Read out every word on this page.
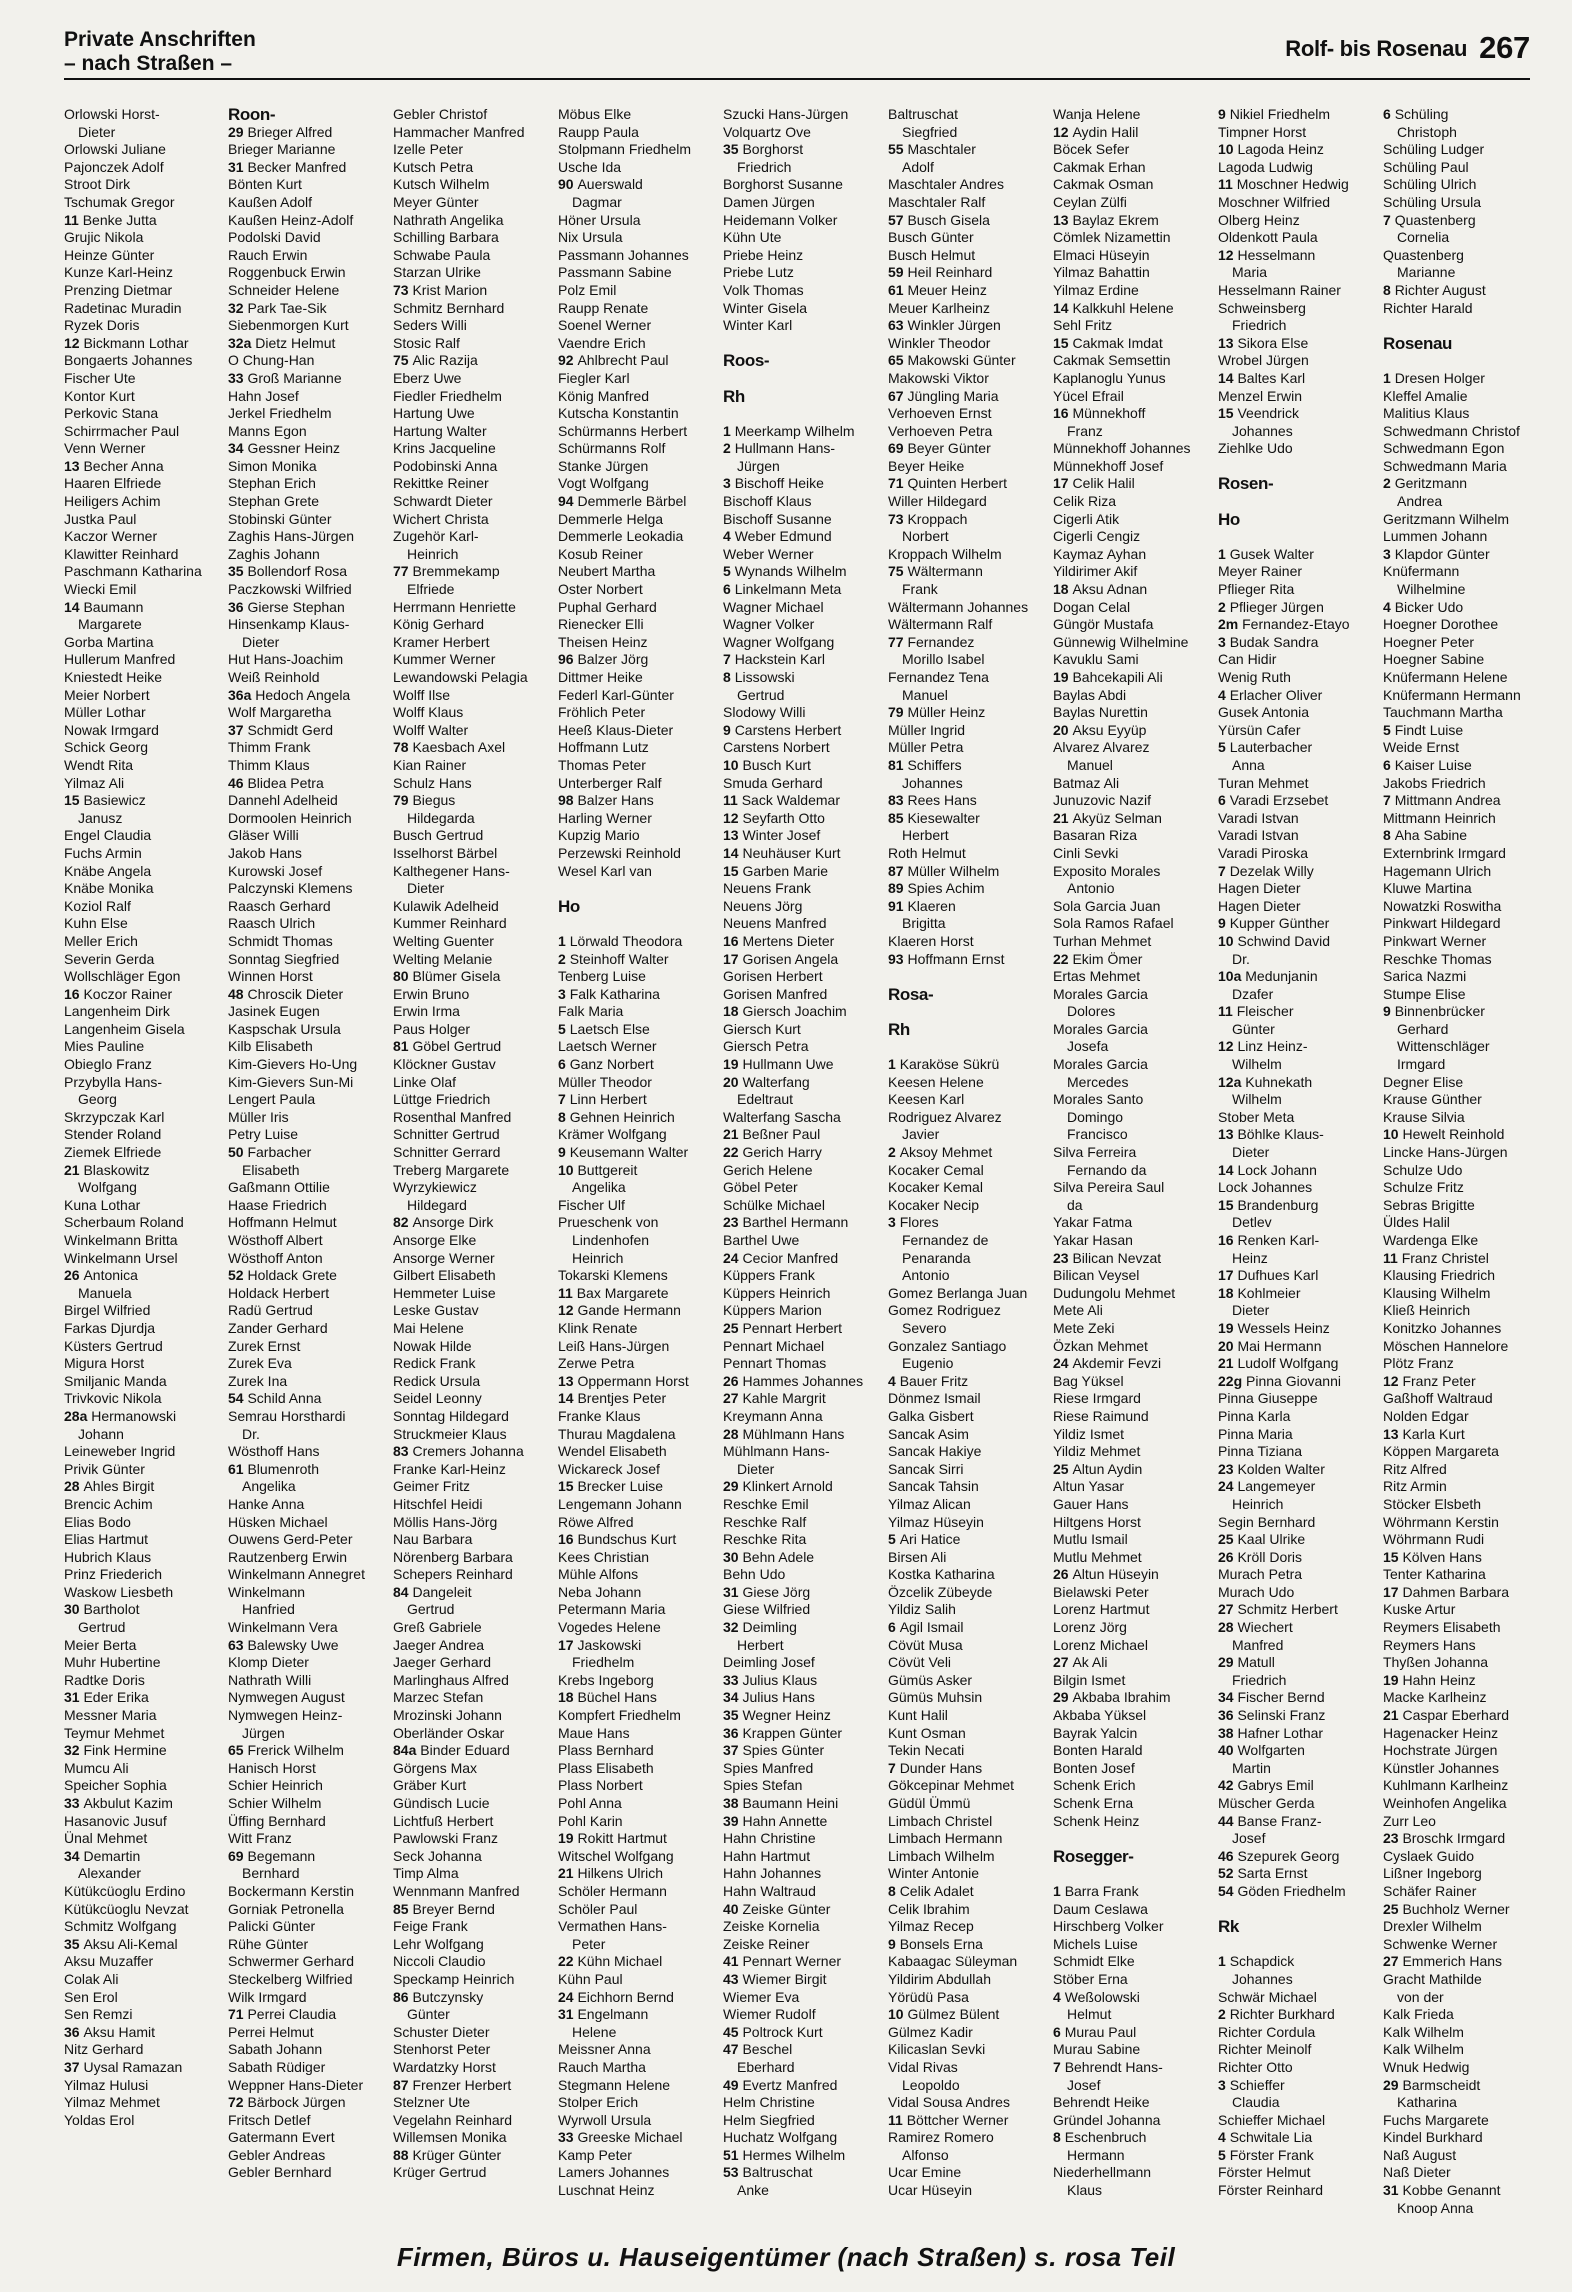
Private Anschriften
– nach Straßen –
Rolf- bis Rosenau 267
Orlowski Horst-
Dieter
Orlowski Juliane
Pajonczek Adolf
Stroot Dirk
Tschumak Gregor
11 Benke Jutta
Grujic Nikola
Heinze Günter
Kunze Karl-Heinz
Prenzing Dietmar
Radetinac Muradin
Ryzek Doris
12 Bickmann Lothar
Bongaerts Johannes
Fischer Ute
Kontor Kurt
Perkovic Stana
Schirrmacher Paul
Venn Werner
13 Becher Anna
Haaren Elfriede
Heiligers Achim
Justka Paul
Kaczor Werner
Klawitter Reinhard
Paschmann Katharina
Wiecki Emil
14 Baumann
Margarete
Gorba Martina
Hullerum Manfred
Kniestedt Heike
Meier Norbert
Müller Lothar
Nowak Irmgard
Schick Georg
Wendt Rita
Yilmaz Ali
15 Basiewicz
Janusz
Engel Claudia
Fuchs Armin
Knäbe Angela
Knäbe Monika
Koziol Ralf
Kuhn Else
Meller Erich
Severin Gerda
Wollschläger Egon
16 Koczor Rainer
Langenheim Dirk
Langenheim Gisela
Mies Pauline
Obieglo Franz
Przybylla Hans-
Georg
Skrzypczak Karl
Stender Roland
Ziemek Elfriede
21 Blaskowitz
Wolfgang
Kuna Lothar
Scherbaum Roland
Winkelmann Britta
Winkelmann Ursel
26 Antonica
Manuela
Birgel Wilfried
Farkas Djurdja
Küsters Gertrud
Migura Horst
Smiljanic Manda
Trivkovic Nikola
28a Hermanowski
Johann
Leineweber Ingrid
Privik Günter
28 Ahles Birgit
Brencic Achim
Elias Bodo
Elias Hartmut
Hubrich Klaus
Prinz Friederich
Waskow Liesbeth
30 Bartholot
Gertrud
Meier Berta
Muhr Hubertine
Radtke Doris
31 Eder Erika
Messner Maria
Teymur Mehmet
32 Fink Hermine
Mumcu Ali
Speicher Sophia
33 Akbulut Kazim
Hasanovic Jusuf
Ünal Mehmet
34 Demartin
Alexander
Kütükcüoglu Erdino
Kütükcüoglu Nevzat
Schmitz Wolfgang
35 Aksu Ali-Kemal
Aksu Muzaffer
Colak Ali
Sen Erol
Sen Remzi
36 Aksu Hamit
Nitz Gerhard
37 Uysal Ramazan
Yilmaz Hulusi
Yilmaz Mehmet
Yoldas Erol
Roon-
29 Brieger Alfred
Brieger Marianne
31 Becker Manfred
Bönten Kurt
Kaußen Adolf
Kaußen Heinz-Adolf
Podolski David
Rauch Erwin
Roggenbuck Erwin
Schneider Helene
32 Park Tae-Sik
Siebenmorgen Kurt
32a Dietz Helmut
O Chung-Han
33 Groß Marianne
Hahn Josef
Jerkel Friedhelm
Manns Egon
34 Gessner Heinz
Simon Monika
Stephan Erich
Stephan Grete
Stobinski Günter
Zaghis Hans-Jürgen
Zaghis Johann
35 Bollendorf Rosa
Paczkowski Wilfried
36 Gierse Stephan
Hinsenkamp Klaus-
Dieter
Hut Hans-Joachim
Weiß Reinhold
36a Hedoch Angela
Wolf Margaretha
37 Schmidt Gerd
Thimm Frank
Thimm Klaus
46 Blidea Petra
Dannehl Adelheid
Dormoolen Heinrich
Gläser Willi
Jakob Hans
Kurowski Josef
Palczynski Klemens
Raasch Gerhard
Raasch Ulrich
Schmidt Thomas
Sonntag Siegfried
Winnen Horst
48 Chroscik Dieter
Jasinek Eugen
Kaspschak Ursula
Kilb Elisabeth
Kim-Gievers Ho-Ung
Kim-Gievers Sun-Mi
Lengert Paula
Müller Iris
Petry Luise
50 Farbacher
Elisabeth
Gaßmann Ottilie
Haase Friedrich
Hoffmann Helmut
Wösthoff Albert
Wösthoff Anton
52 Holdack Grete
Holdack Herbert
Radü Gertrud
Zander Gerhard
Zurek Ernst
Zurek Eva
Zurek Ina
54 Schild Anna
Semrau Horsthardi
Dr.
Wösthoff Hans
61 Blumenroth
Angelika
Hanke Anna
Hüsken Michael
Ouwens Gerd-Peter
Rautzenberg Erwin
Winkelmann Annegret
Winkelmann
Hanfried
Winkelmann Vera
63 Balewsky Uwe
Klomp Dieter
Nathrath Willi
Nymwegen August
Nymwegen Heinz-
Jürgen
65 Frerick Wilhelm
Hanisch Horst
Schier Heinrich
Schier Wilhelm
Üffing Bernhard
Witt Franz
69 Begemann
Bernhard
Bockermann Kerstin
Gorniak Petronella
Palicki Günter
Rühe Günter
Schwermer Gerhard
Steckelberg Wilfried
Wilk Irmgard
71 Perrei Claudia
Perrei Helmut
Sabath Johann
Sabath Rüdiger
Weppner Hans-Dieter
72 Bärbock Jürgen
Fritsch Detlef
Gatermann Evert
Gebler Andreas
Gebler Bernhard
Gebler Christof
Hammacher Manfred
Izelle Peter
Kutsch Petra
Kutsch Wilhelm
Meyer Günter
Nathrath Angelika
Schilling Barbara
Schwabe Paula
Starzan Ulrike
73 Krist Marion
Schmitz Bernhard
Seders Willi
Stosic Ralf
75 Alic Razija
Eberz Uwe
Fiedler Friedhelm
Hartung Uwe
Hartung Walter
Krins Jacqueline
Podobinski Anna
Rekittke Reiner
Schwardt Dieter
Wichert Christa
Zugehör Karl-
Heinrich
77 Bremmekamp
Elfriede
Herrmann Henriette
König Gerhard
Kramer Herbert
Kummer Werner
Lewandowski Pelagia
Wolff Ilse
Wolff Klaus
Wolff Walter
78 Kaesbach Axel
Kian Rainer
Schulz Hans
79 Biegus
Hildegarda
Busch Gertrud
Isselhorst Bärbel
Kalthegener Hans-
Dieter
Kulawik Adelheid
Kummer Reinhard
Welting Guenter
Welting Melanie
80 Blümer Gisela
Erwin Bruno
Erwin Irma
Paus Holger
81 Göbel Gertrud
Klöckner Gustav
Linke Olaf
Lüttge Friedrich
Rosenthal Manfred
Schnitter Gertrud
Schnitter Gerrard
Treberg Margarete
Wyrzykiewicz
Hildegard
82 Ansorge Dirk
Ansorge Elke
Ansorge Werner
Gilbert Elisabeth
Hemmeter Luise
Leske Gustav
Mai Helene
Nowak Hilde
Redick Frank
Redick Ursula
Seidel Leonny
Sonntag Hildegard
Struckmeier Klaus
83 Cremers Johanna
Franke Karl-Heinz
Geimer Fritz
Hitschfel Heidi
Möllis Hans-Jörg
Nau Barbara
Nörenberg Barbara
Schepers Reinhard
84 Dangeleit
Gertrud
Greß Gabriele
Jaeger Andrea
Jaeger Gerhard
Marlinghaus Alfred
Marzec Stefan
Mrozinski Johann
Oberländer Oskar
84a Binder Eduard
Görgens Max
Gräber Kurt
Gündisch Lucie
Lichtfuß Herbert
Pawlowski Franz
Seck Johanna
Timp Alma
Wennmann Manfred
85 Breyer Bernd
Feige Frank
Lehr Wolfgang
Niccoli Claudio
Speckamp Heinrich
86 Butczynsky
Günter
Schuster Dieter
Stenhorst Peter
Wardatzky Horst
87 Frenzer Herbert
Stelzner Ute
Vegelahn Reinhard
Willemsen Monika
88 Krüger Günter
Krüger Gertrud
Möbus Elke
Raupp Paula
Stolpmann Friedhelm
Usche Ida
90 Auerswald
Dagmar
Höner Ursula
Nix Ursula
Passmann Johannes
Passmann Sabine
Polz Emil
Raupp Renate
Soenel Werner
Vaendre Erich
92 Ahlbrecht Paul
Fiegler Karl
König Manfred
Kutscha Konstantin
Schürmanns Herbert
Schürmanns Rolf
Stanke Jürgen
Vogt Wolfgang
94 Demmerle Bärbel
Demmerle Helga
Demmerle Leokadia
Kosub Reiner
Neubert Martha
Oster Norbert
Puphal Gerhard
Rienecker Elli
Theisen Heinz
96 Balzer Jörg
Dittmer Heike
Federl Karl-Günter
Fröhlich Peter
Heeß Klaus-Dieter
Hoffmann Lutz
Thomas Peter
Unterberger Ralf
98 Balzer Hans
Harling Werner
Kupzig Mario
Perzewski Reinhold
Wesel Karl van

Ho

1 Lörwald Theodora
2 Steinhoff Walter
Tenberg Luise
3 Falk Katharina
Falk Maria
5 Laetsch Else
Laetsch Werner
6 Ganz Norbert
Müller Theodor
7 Linn Herbert
8 Gehnen Heinrich
Krämer Wolfgang
9 Keusemann Walter
10 Buttgereit
Angelika
Fischer Ulf
Prueschenk von
Lindenhofen
Heinrich
Tokarski Klemens
11 Bax Margarete
12 Gande Hermann
Klink Renate
Leiß Hans-Jürgen
Zerwe Petra
13 Oppermann Horst
14 Brentjes Peter
Franke Klaus
Thurau Magdalena
Wendel Elisabeth
Wickareck Josef
15 Brecker Luise
Lengemann Johann
Röwe Alfred
16 Bundschus Kurt
Kees Christian
Mühle Alfons
Neba Johann
Petermann Maria
Vogedes Helene
17 Jaskowski
Friedhelm
Krebs Ingeborg
18 Büchel Hans
Kompfert Friedhelm
Maue Hans
Plass Bernhard
Plass Elisabeth
Plass Norbert
Pohl Anna
Pohl Karin
19 Rokitt Hartmut
Witschel Wolfgang
21 Hilkens Ulrich
Schöler Hermann
Schöler Paul
Vermathen Hans-
Peter
22 Kühn Michael
Kühn Paul
24 Eichhorn Bernd
31 Engelmann
Helene
Meissner Anna
Rauch Martha
Stegmann Helene
Stolper Erich
Wyrwoll Ursula
33 Greeske Michael
Kamp Peter
Lamers Johannes
Luschnat Heinz
Szucki Hans-Jürgen
Volquartz Ove
35 Borghorst
Friedrich
Borghorst Susanne
Damen Jürgen
Heidemann Volker
Kühn Ute
Priebe Heinz
Priebe Lutz
Volk Thomas
Winter Gisela
Winter Karl

Roos-

Rh

1 Meerkamp Wilhelm
2 Hullmann Hans-
Jürgen
3 Bischoff Heike
Bischoff Klaus
Bischoff Susanne
4 Weber Edmund
Weber Werner
5 Wynands Wilhelm
6 Linkelmann Meta
Wagner Michael
Wagner Volker
Wagner Wolfgang
7 Hackstein Karl
8 Lissowski
Gertrud
Slodowy Willi
9 Carstens Herbert
Carstens Norbert
10 Busch Kurt
Smuda Gerhard
11 Sack Waldemar
12 Seyfarth Otto
13 Winter Josef
14 Neuhäuser Kurt
15 Garben Marie
Neuens Frank
Neuens Jörg
Neuens Manfred
16 Mertens Dieter
17 Gorisen Angela
Gorisen Herbert
Gorisen Manfred
18 Giersch Joachim
Giersch Kurt
Giersch Petra
19 Hullmann Uwe
20 Walterfang
Edeltraut
Walterfang Sascha
21 Beßner Paul
22 Gerich Harry
Gerich Helene
Göbel Peter
Schülke Michael
23 Barthel Hermann
Barthel Uwe
24 Cecior Manfred
Küppers Frank
Küppers Heinrich
Küppers Marion
25 Pennart Herbert
Pennart Michael
Pennart Thomas
26 Hammes Johannes
27 Kahle Margrit
Kreymann Anna
28 Mühlmann Hans
Mühlmann Hans-
Dieter
29 Klinkert Arnold
Reschke Emil
Reschke Ralf
Reschke Rita
30 Behn Adele
Behn Udo
31 Giese Jörg
Giese Wilfried
32 Deimling
Herbert
Deimling Josef
33 Julius Klaus
34 Julius Hans
35 Wegner Heinz
36 Krappen Günter
37 Spies Günter
Spies Manfred
Spies Stefan
38 Baumann Heini
39 Hahn Annette
Hahn Christine
Hahn Hartmut
Hahn Johannes
Hahn Waltraud
40 Zeiske Günter
Zeiske Kornelia
Zeiske Reiner
41 Pennart Werner
43 Wiemer Birgit
Wiemer Eva
Wiemer Rudolf
45 Poltrock Kurt
47 Beschel
Eberhard
49 Evertz Manfred
Helm Christine
Helm Siegfried
Huchatz Wolfgang
51 Hermes Wilhelm
53 Baltruschat
Anke
Baltruschat
Siegfried
55 Maschtaler
Adolf
Maschtaler Andres
Maschtaler Ralf
57 Busch Gisela
Busch Günter
Busch Helmut
59 Heil Reinhard
61 Meuer Heinz
Meuer Karlheinz
63 Winkler Jürgen
Winkler Theodor
65 Makowski Günter
Makowski Viktor
67 Jüngling Maria
Verhoeven Ernst
Verhoeven Petra
69 Beyer Günter
Beyer Heike
71 Quinten Herbert
Willer Hildegard
73 Kroppach
Norbert
Kroppach Wilhelm
75 Wältermann
Frank
Wältermann Johannes
Wältermann Ralf
77 Fernandez
Morillo Isabel
Fernandez Tena
Manuel
79 Müller Heinz
Müller Ingrid
Müller Petra
81 Schiffers
Johannes
83 Rees Hans
85 Kiesewalter
Herbert
Roth Helmut
87 Müller Wilhelm
89 Spies Achim
91 Klaeren
Brigitta
Klaeren Horst
93 Hoffmann Ernst

Rosa-

Rh

1 Karaköse Sükrü
Keesen Helene
Keesen Karl
Rodriguez Alvarez
Javier
2 Aksoy Mehmet
Kocaker Cemal
Kocaker Kemal
Kocaker Necip
3 Flores
Fernandez de
Penaranda
Antonio
Gomez Berlanga Juan
Gomez Rodriguez
Severo
Gonzalez Santiago
Eugenio
4 Bauer Fritz
Dönmez Ismail
Galka Gisbert
Sancak Asim
Sancak Hakiye
Sancak Sirri
Sancak Tahsin
Yilmaz Alican
Yilmaz Hüseyin
5 Ari Hatice
Birsen Ali
Kostka Katharina
Özcelik Zübeyde
Yildiz Salih
6 Agil Ismail
Cövüt Musa
Cövüt Veli
Gümüs Asker
Gümüs Muhsin
Kunt Halil
Kunt Osman
Tekin Necati
7 Dunder Hans
Gökcepinar Mehmet
Güdül Ümmü
Limbach Christel
Limbach Hermann
Limbach Wilhelm
Winter Antonie
8 Celik Adalet
Celik Ibrahim
Yilmaz Recep
9 Bonsels Erna
Kabaagac Süleyman
Yildirim Abdullah
Yörüdü Pasa
10 Gülmez Bülent
Gülmez Kadir
Kilicaslan Sevki
Vidal Rivas
Leopoldo
Vidal Sousa Andres
11 Böttcher Werner
Ramirez Romero
Alfonso
Ucar Emine
Ucar Hüseyin
Wanja Helene
12 Aydin Halil
Böcek Sefer
Cakmak Erhan
Cakmak Osman
Ceylan Zülfi
13 Baylaz Ekrem
Cömlek Nizamettin
Elmaci Hüseyin
Yilmaz Bahattin
Yilmaz Erdine
14 Kalkkuhl Helene
Sehl Fritz
15 Cakmak Imdat
Cakmak Semsettin
Kaplanoglu Yunus
Yücel Efrail
16 Münnekhoff
Franz
Münnekhoff Johannes
Münnekhoff Josef
17 Celik Halil
Celik Riza
Cigerli Atik
Cigerli Cengiz
Kaymaz Ayhan
Yildirimer Akif
18 Aksu Adnan
Dogan Celal
Güngör Mustafa
Günnewig Wilhelmine
Kavuklu Sami
19 Bahcekapili Ali
Baylas Abdi
Baylas Nurettin
20 Aksu Eyyüp
Alvarez Alvarez
Manuel
Batmaz Ali
Junuzovic Nazif
21 Akyüz Selman
Basaran Riza
Cinli Sevki
Exposito Morales
Antonio
Sola Garcia Juan
Sola Ramos Rafael
Turhan Mehmet
22 Ekim Ömer
Ertas Mehmet
Morales Garcia
Dolores
Morales Garcia
Josefa
Morales Garcia
Mercedes
Morales Santo
Domingo
Francisco
Silva Ferreira
Fernando da
Silva Pereira Saul
da
Yakar Fatma
Yakar Hasan
23 Bilican Nevzat
Bilican Veysel
Dudungolu Mehmet
Mete Ali
Mete Zeki
Özkan Mehmet
24 Akdemir Fevzi
Bag Yüksel
Riese Irmgard
Riese Raimund
Yildiz Ismet
Yildiz Mehmet
25 Altun Aydin
Altun Yasar
Gauer Hans
Hiltgens Horst
Mutlu Ismail
Mutlu Mehmet
26 Altun Hüseyin
Bielawski Peter
Lorenz Hartmut
Lorenz Jörg
Lorenz Michael
27 Ak Ali
Bilgin Ismet
29 Akbaba Ibrahim
Akbaba Yüksel
Bayrak Yalcin
Bonten Harald
Bonten Josef
Schenk Erich
Schenk Erna
Schenk Heinz

Rosegger-

1 Barra Frank
Daum Ceslawa
Hirschberg Volker
Michels Luise
Schmidt Elke
Stöber Erna
4 Weßolowski
Helmut
6 Murau Paul
Murau Sabine
7 Behrendt Hans-
Josef
Behrendt Heike
Gründel Johanna
8 Eschenbruch
Hermann
Niederhellmann
Klaus
9 Nikiel Friedhelm
Timpner Horst
10 Lagoda Heinz
Lagoda Ludwig
11 Moschner Hedwig
Moschner Wilfried
Olberg Heinz
Oldenkott Paula
12 Hesselmann
Maria
Hesselmann Rainer
Schweinsberg
Friedrich
13 Sikora Else
Wrobel Jürgen
14 Baltes Karl
Menzel Erwin
15 Veendrick
Johannes
Ziehlke Udo

Rosen-

Ho

1 Gusek Walter
Meyer Rainer
Pflieger Rita
2 Pflieger Jürgen
2m Fernandez-Etayo
3 Budak Sandra
Can Hidir
Wenig Ruth
4 Erlacher Oliver
Gusek Antonia
Yürsün Cafer
5 Lauterbacher
Anna
Turan Mehmet
6 Varadi Erzsebet
Varadi Istvan
Varadi Istvan
Varadi Piroska
7 Dezelak Willy
Hagen Dieter
Hagen Dieter
9 Kupper Günther
10 Schwind David
Dr.
10a Medunjanin
Dzafer
11 Fleischer
Günter
12 Linz Heinz-
Wilhelm
12a Kuhnekath
Wilhelm
Stober Meta
13 Böhlke Klaus-
Dieter
14 Lock Johann
Lock Johannes
15 Brandenburg
Detlev
16 Renken Karl-
Heinz
17 Dufhues Karl
18 Kohlmeier
Dieter
19 Wessels Heinz
20 Mai Hermann
21 Ludolf Wolfgang
22g Pinna Giovanni
Pinna Giuseppe
Pinna Karla
Pinna Maria
Pinna Tiziana
23 Kolden Walter
24 Langemeyer
Heinrich
Segin Bernhard
25 Kaal Ulrike
26 Kröll Doris
Murach Petra
Murach Udo
27 Schmitz Herbert
28 Wiechert
Manfred
29 Matull
Friedrich
34 Fischer Bernd
36 Selinski Franz
38 Hafner Lothar
40 Wolfgarten
Martin
42 Gabrys Emil
Müscher Gerda
44 Banse Franz-
Josef
46 Szepurek Georg
52 Sarta Ernst
54 Göden Friedhelm

Rk

1 Schapdick
Johannes
Schwär Michael
2 Richter Burkhard
Richter Cordula
Richter Meinolf
Richter Otto
3 Schieffer
Claudia
Schieffer Michael
4 Schwitale Lia
5 Förster Frank
Förster Helmut
Förster Reinhard
6 Schüling
Christoph
Schüling Ludger
Schüling Paul
Schüling Ulrich
Schüling Ursula
7 Quastenberg
Cornelia
Quastenberg
Marianne
8 Richter August
Richter Harald

Rosenau

1 Dresen Holger
Kleffel Amalie
Malitius Klaus
Schwedmann Christof
Schwedmann Egon
Schwedmann Maria
2 Geritzmann
Andrea
Geritzmann Wilhelm
Lummen Johann
3 Klapdor Günter
Knüfermann
Wilhelmine
4 Bicker Udo
Hoegner Dorothee
Hoegner Peter
Hoegner Sabine
Knüfermann Helene
Knüfermann Hermann
Tauchmann Martha
5 Findt Luise
Weide Ernst
6 Kaiser Luise
Jakobs Friedrich
7 Mittmann Andrea
Mittmann Heinrich
8 Aha Sabine
Externbrink Irmgard
Hagemann Ulrich
Kluwe Martina
Nowatzki Roswitha
Pinkwart Hildegard
Pinkwart Werner
Reschke Thomas
Sarica Nazmi
Stumpe Elise
9 Binnenbrücker
Gerhard
Wittenschläger
Irmgard
Degner Elise
Krause Günther
Krause Silvia
10 Hewelt Reinhold
Lincke Hans-Jürgen
Schulze Udo
Schulze Fritz
Sebras Brigitte
Üldes Halil
Wardenga Elke
11 Franz Christel
Klausing Friedrich
Klausing Wilhelm
Kließ Heinrich
Konitzko Johannes
Möschen Hannelore
Plötz Franz
12 Franz Peter
Gaßhoff Waltraud
Nolden Edgar
13 Karla Kurt
Köppen Margareta
Ritz Alfred
Ritz Armin
Stöcker Elsbeth
Wöhrmann Kerstin
Wöhrmann Rudi
15 Kölven Hans
Tenter Katharina
17 Dahmen Barbara
Kuske Artur
Reymers Elisabeth
Reymers Hans
Thyßen Johanna
19 Hahn Heinz
Macke Karlheinz
21 Caspar Eberhard
Hagenacker Heinz
Hochstrate Jürgen
Künstler Johannes
Kuhlmann Karlheinz
Weinhofen Angelika
Zurr Leo
23 Broschk Irmgard
Cyslaek Guido
Lißner Ingeborg
Schäfer Rainer
25 Buchholz Werner
Drexler Wilhelm
Schwenke Werner
27 Emmerich Hans
Gracht Mathilde
von der
Kalk Frieda
Kalk Wilhelm
Kalk Wilhelm
Wnuk Hedwig
29 Barmscheidt
Katharina
Fuchs Margarete
Kindel Burkhard
Naß August
Naß Dieter
31 Kobbe Genannt
Knoop Anna
Firmen, Büros u. Hauseigentümer (nach Straßen) s. rosa Teil
